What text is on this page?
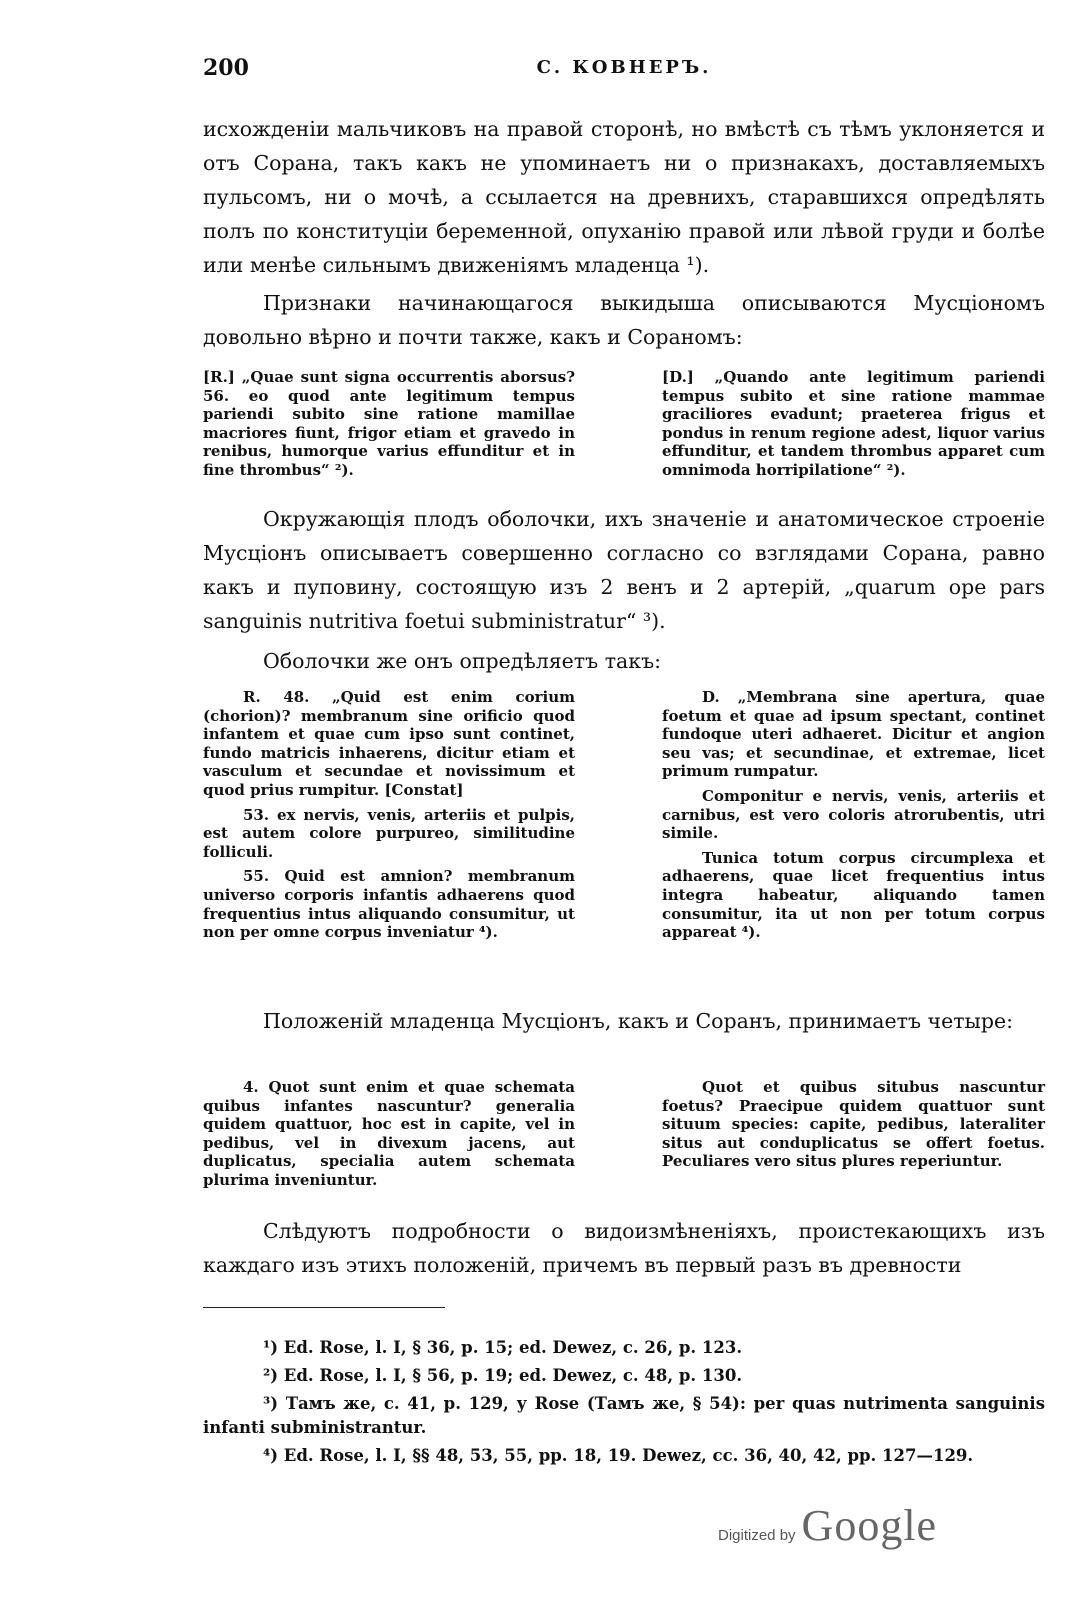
200	С. КОВНЕРЪ.
исхожденiи мальчиковъ на правой сторонѣ, но вмѣстѣ съ тѣмъ уклоняется и отъ Сорана, такъ какъ не упоминаетъ ни о признакахъ, доставляемыхъ пульсомъ, ни о мочѣ, а ссылается на древнихъ, старавшихся опредѣлять полъ по конституцiи беременной, опуханiю правой или лѣвой груди и болѣе или менѣе сильнымъ движенiямъ младенца ¹).
Признаки начинающагося выкидыша описываются Мусцiономъ довольно вѣрно и почти также, какъ и Сораномъ:

[R.] „Quae sunt signa occurrentis aborsus? 56. eo quod ante legitimum tempus pariendi subito sine ratione mamillae macriores fiunt, frigor etiam et gravedo in renibus, humorque varius effunditur et in fine thrombus“ ²).

[D.] „Quando ante legitimum pariendi tempus subito et sine ratione mammae graciliores evadunt; praeterea frigus et pondus in renum regione adest, liquor varius effunditur, et tandem thrombus apparet cum omnimoda horripilatione“ ²).

Окружающiя плодъ оболочки, ихъ значенiе и анатомическое строенiе Мусцiонъ описываетъ совершенно согласно со взглядами Сорана, равно какъ и пуповину, состоящую изъ 2 венъ и 2 артерiй, „quarum ope pars sanguinis nutritiva foetui subministratur“ ³).
Оболочки же онъ опредѣляетъ такъ:

R. 48. „Quid est enim corium (chorion)? membranum sine orificio quod infantem et quae cum ipso sunt continet, fundo matricis inhaerens, dicitur etiam et vasculum et secundae et novissimum et quod prius rumpitur. [Constat]

53. ex nervis, venis, arteriis et pulpis, est autem colore purpureo, similitudine folliculi.

55. Quid est amnion? membranum universo corporis infantis adhaerens quod frequentius intus aliquando consumitur, ut non per omne corpus inveniatur ⁴).

D. „Membrana sine apertura, quae foetum et quae ad ipsum spectant, continet fundoque uteri adhaeret. Dicitur et angion seu vas; et secundinae, et extremae, licet primum rumpatur.

Componitur e nervis, venis, arteriis et carnibus, est vero coloris atrorubentis, utri simile.

Tunica totum corpus circumplexa et adhaerens, quae licet frequentius intus integra habeatur, aliquando tamen consumitur, ita ut non per totum corpus appareat ⁴).

Положенiй младенца Мусцiонъ, какъ и Соранъ, принимаетъ четыре:

4. Quot sunt enim et quae schemata quibus infantes nascuntur? generalia quidem quattuor, hoc est in capite, vel in pedibus, vel in divexum jacens, aut duplicatus, specialia autem schemata plurima inveniuntur.

Quot et quibus situbus nascuntur foetus? Praecipue quidem quattuor sunt situum species: capite, pedibus, lateraliter situs aut conduplicatus se offert foetus. Peculiares vero situs plures reperiuntur.

Слѣдуютъ подробности о видоизмѣненiяхъ, проистекающихъ изъ каждаго изъ этихъ положенiй, причемъ въ первый разъ въ древности
¹) Ed. Rose, l. I, § 36, p. 15; ed. Dewez, c. 26, p. 123.
²) Ed. Rose, l. I, § 56, p. 19; ed. Dewez, c. 48, p. 130.
³) Тамъ же, c. 41, p. 129, у Rose (Тамъ же, § 54): per quas nutrimenta sanguinis infanti subministrantur.
⁴) Ed. Rose, l. I, §§ 48, 53, 55, pp. 18, 19. Dewez, cc. 36, 40, 42, pp. 127—129.
Digitized by Google
